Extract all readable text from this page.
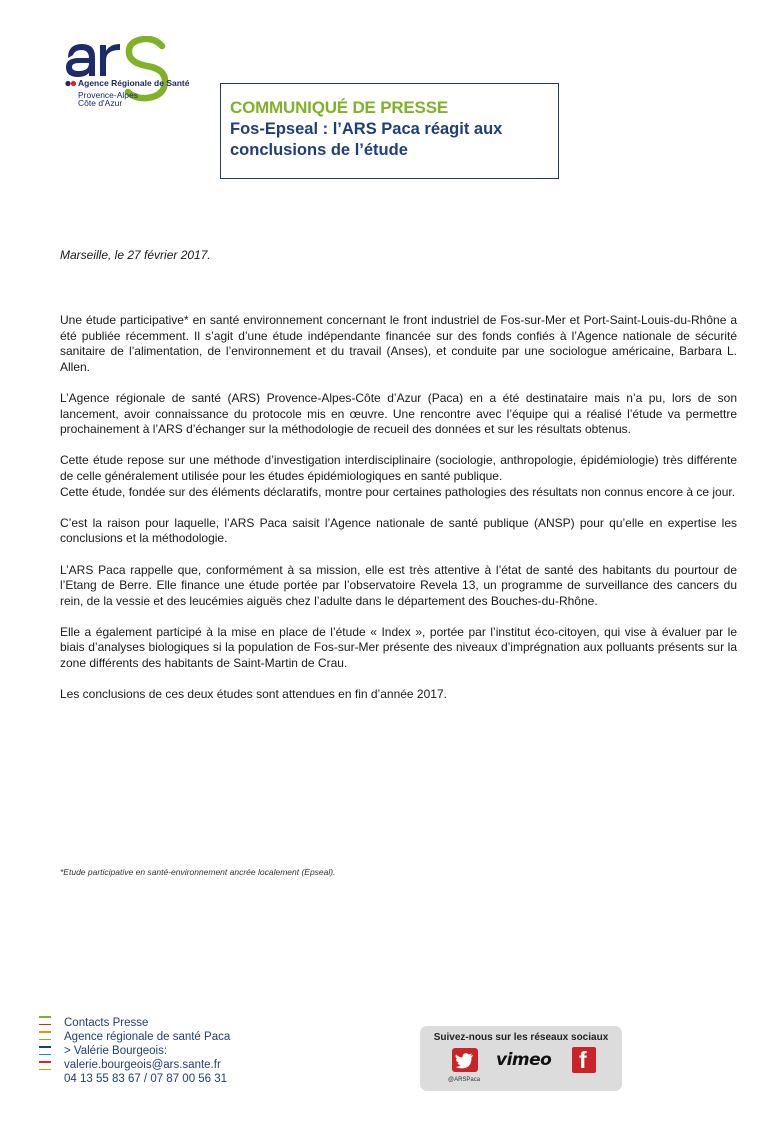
Agence Régionale de Santé
Provence-Alpes
Côte d'Azur	COMMUNIQUÉ DE PRESSE
Fos-Epseal : l’ARS Paca réagit aux
conclusions de l’étude
Marseille, le 27 février 2017.

Une étude participative* en santé environnement concernant le front industriel de Fos-sur-Mer et Port-Saint-Louis-du-Rhône a été publiée récemment. Il s’agit d’une étude indépendante financée sur des fonds confiés à l’Agence nationale de sécurité sanitaire de l’alimentation, de l’environnement et du travail (Anses), et conduite par une sociologue américaine, Barbara L. Allen.

L’Agence régionale de santé (ARS) Provence-Alpes-Côte d’Azur (Paca) en a été destinataire mais n’a pu, lors de son lancement, avoir connaissance du protocole mis en œuvre. Une rencontre avec l’équipe qui a réalisé l’étude va permettre prochainement à l’ARS d’échanger sur la méthodologie de recueil des données et sur les résultats obtenus.

Cette étude repose sur une méthode d’investigation interdisciplinaire (sociologie, anthropologie, épidémiologie) très différente de celle généralement utilisée pour les études épidémiologiques en santé publique.

Cette étude, fondée sur des éléments déclaratifs, montre pour certaines pathologies des résultats non connus encore à ce jour.

C’est la raison pour laquelle, l’ARS Paca saisit l’Agence nationale de santé publique (ANSP) pour qu’elle en expertise les conclusions et la méthodologie.

L’ARS Paca rappelle que, conformément à sa mission, elle est très attentive à l’état de santé des habitants du pourtour de l’Etang de Berre. Elle finance une étude portée par l’observatoire Revela 13, un programme de surveillance des cancers du rein, de la vessie et des leucémies aiguës chez l’adulte dans le département des Bouches-du-Rhône.

Elle a également participé à la mise en place de l’étude « Index », portée par l’institut éco-citoyen, qui vise à évaluer par le biais d’analyses biologiques si la population de Fos-sur-Mer présente des niveaux d’imprégnation aux polluants présents sur la zone différents des habitants de Saint-Martin de Crau.

Les conclusions de ces deux études sont attendues en fin d’année 2017.

*Etude participative en santé-environnement ancrée localement (Epseal).
Contacts Presse
Agence régionale de santé Paca
> Valérie Bourgeois:
valerie.bourgeois@ars.sante.fr
04 13 55 83 67 / 07 87 00 56 31
Suivez-nous sur les réseaux sociaux
vimeo f
@ARSPaca
